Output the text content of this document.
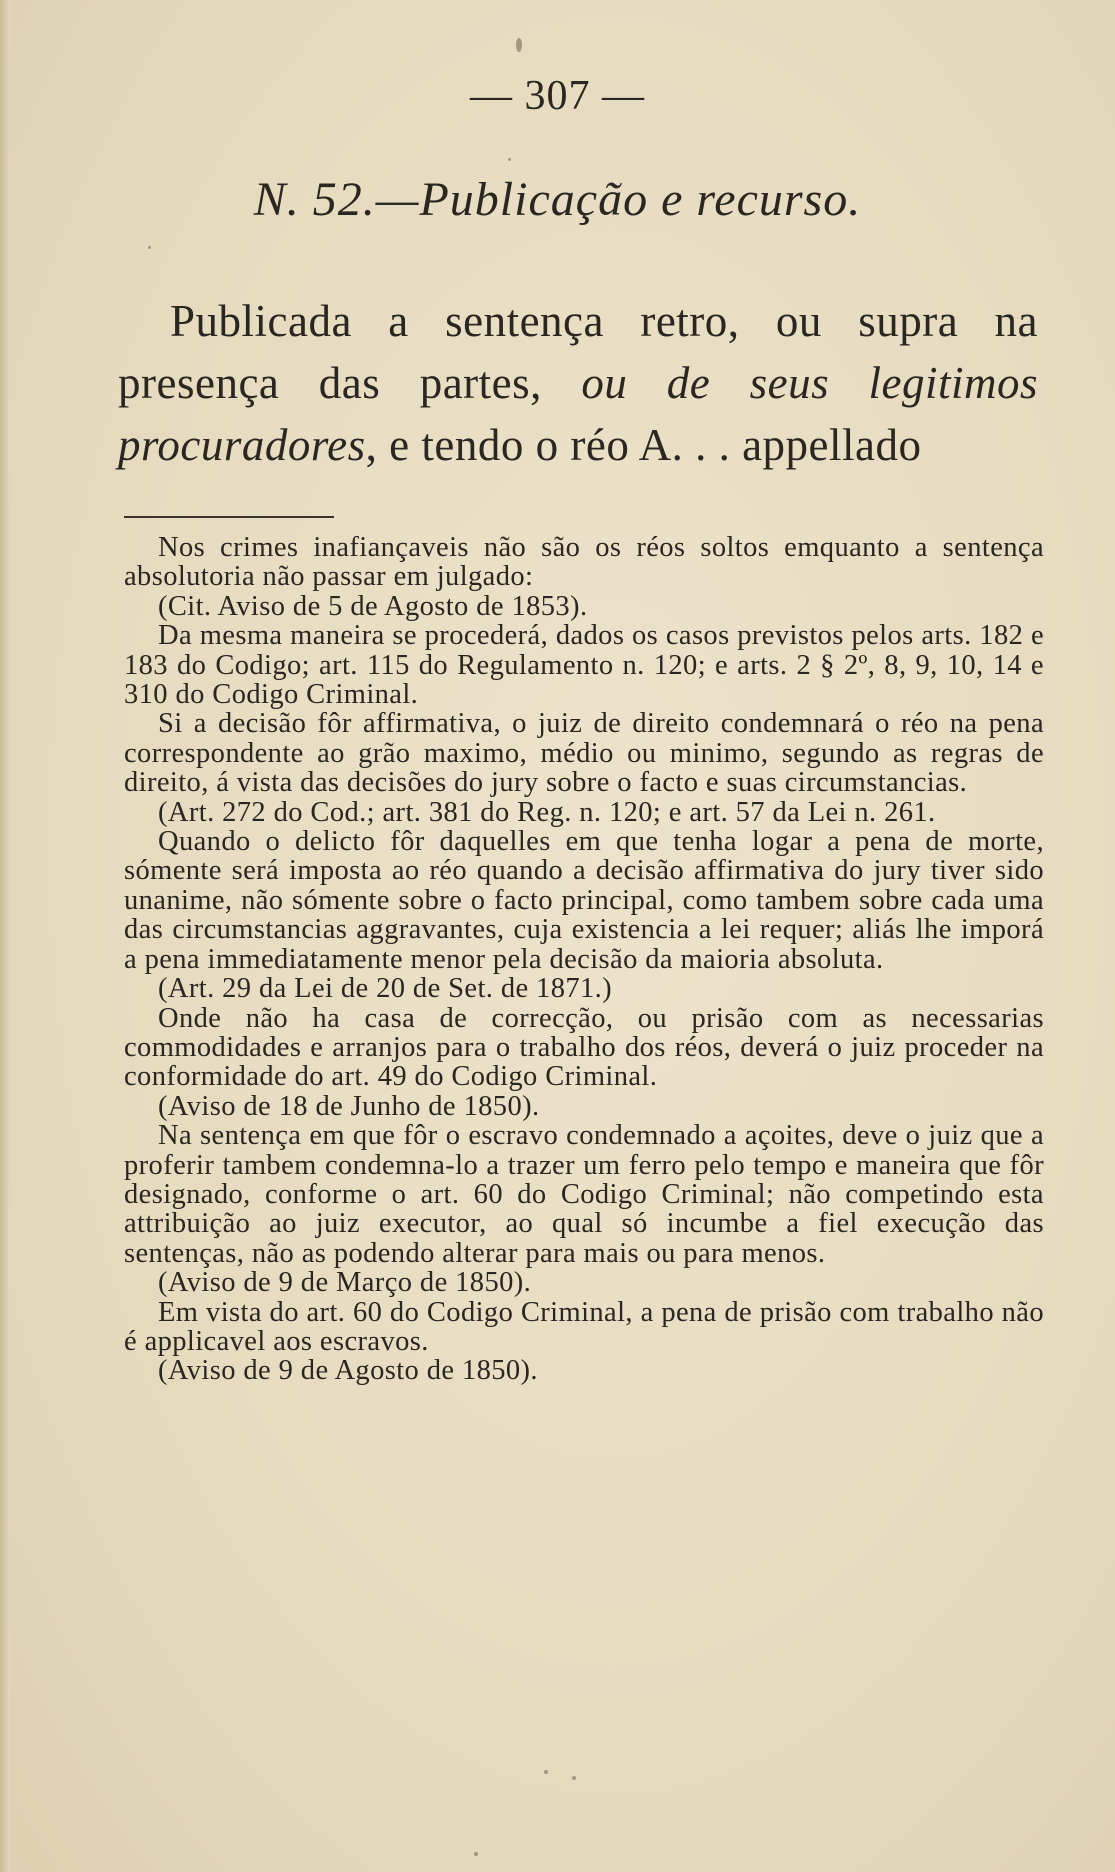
— 307 —
N. 52.—Publicação e recurso.
Publicada a sentença retro, ou supra na presença das partes, ou de seus legitimos procuradores, e tendo o réo A. . . appellado

Nos crimes inafiançaveis não são os réos soltos emquanto a sentença absolutoria não passar em julgado:

(Cit. Aviso de 5 de Agosto de 1853).

Da mesma maneira se procederá, dados os casos previstos pelos arts. 182 e 183 do Codigo; art. 115 do Regulamento n. 120; e arts. 2 § 2º, 8, 9, 10, 14 e 310 do Codigo Criminal.

Si a decisão fôr affirmativa, o juiz de direito condemnará o réo na pena correspondente ao grão maximo, médio ou minimo, segundo as regras de direito, á vista das decisões do jury sobre o facto e suas circumstancias.

(Art. 272 do Cod.; art. 381 do Reg. n. 120; e art. 57 da Lei n. 261.

Quando o delicto fôr daquelles em que tenha logar a pena de morte, sómente será imposta ao réo quando a decisão affirmativa do jury tiver sido unanime, não sómente sobre o facto principal, como tambem sobre cada uma das circumstancias aggravantes, cuja existencia a lei requer; aliás lhe imporá a pena immediatamente menor pela decisão da maioria absoluta.

(Art. 29 da Lei de 20 de Set. de 1871.)

Onde não ha casa de correcção, ou prisão com as necessarias commodidades e arranjos para o trabalho dos réos, deverá o juiz proceder na conformidade do art. 49 do Codigo Criminal.

(Aviso de 18 de Junho de 1850).

Na sentença em que fôr o escravo condemnado a açoites, deve o juiz que a proferir tambem condemna-lo a trazer um ferro pelo tempo e maneira que fôr designado, conforme o art. 60 do Codigo Criminal; não competindo esta attribuição ao juiz executor, ao qual só incumbe a fiel execução das sentenças, não as podendo alterar para mais ou para menos.

(Aviso de 9 de Março de 1850).

Em vista do art. 60 do Codigo Criminal, a pena de prisão com trabalho não é applicavel aos escravos.

(Aviso de 9 de Agosto de 1850).
